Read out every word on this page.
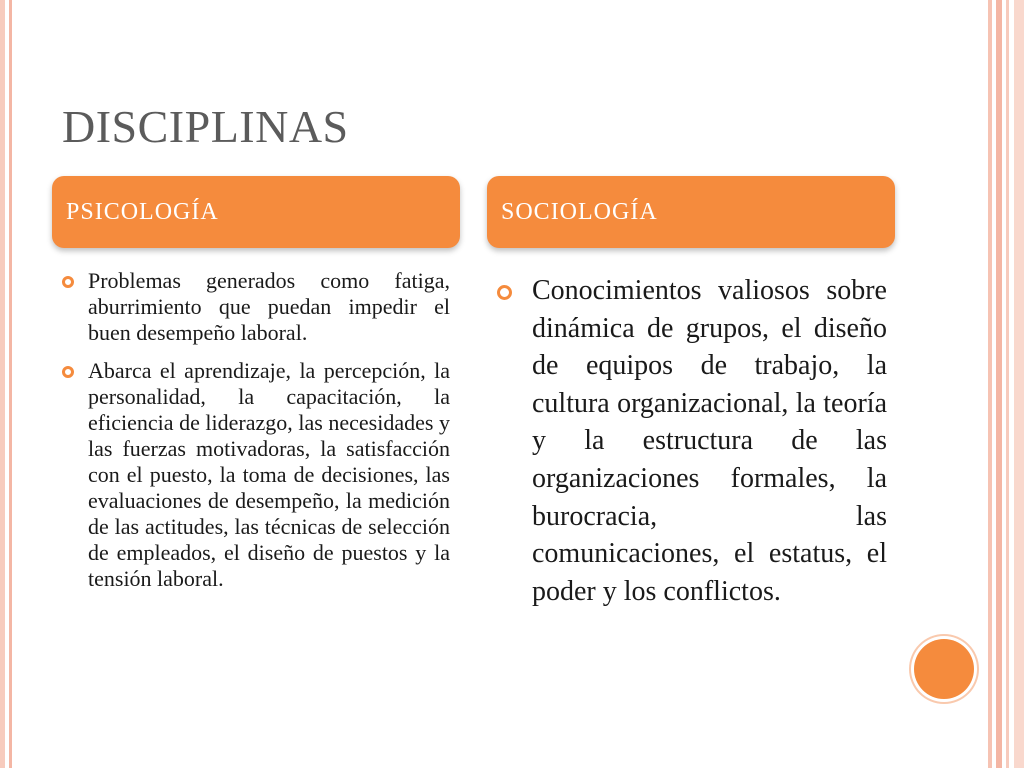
DISCIPLINAS
PSICOLOGÍA	SOCIOLOGÍA
Problemas generados como fatiga, aburrimiento que puedan impedir el buen desempeño laboral.
Abarca el aprendizaje, la percepción, la personalidad, la capacitación, la eficiencia de liderazgo, las necesidades y las fuerzas motivadoras, la satisfacción con el puesto, la toma de decisiones, las evaluaciones de desempeño, la medición de las actitudes, las técnicas de selección de empleados, el diseño de puestos y la tensión laboral.
Conocimientos valiosos sobre dinámica de grupos, el diseño de equipos de trabajo, la cultura organizacional, la teoría y la estructura de las organizaciones formales, la burocracia, las comunicaciones, el estatus, el poder y los conflictos.
